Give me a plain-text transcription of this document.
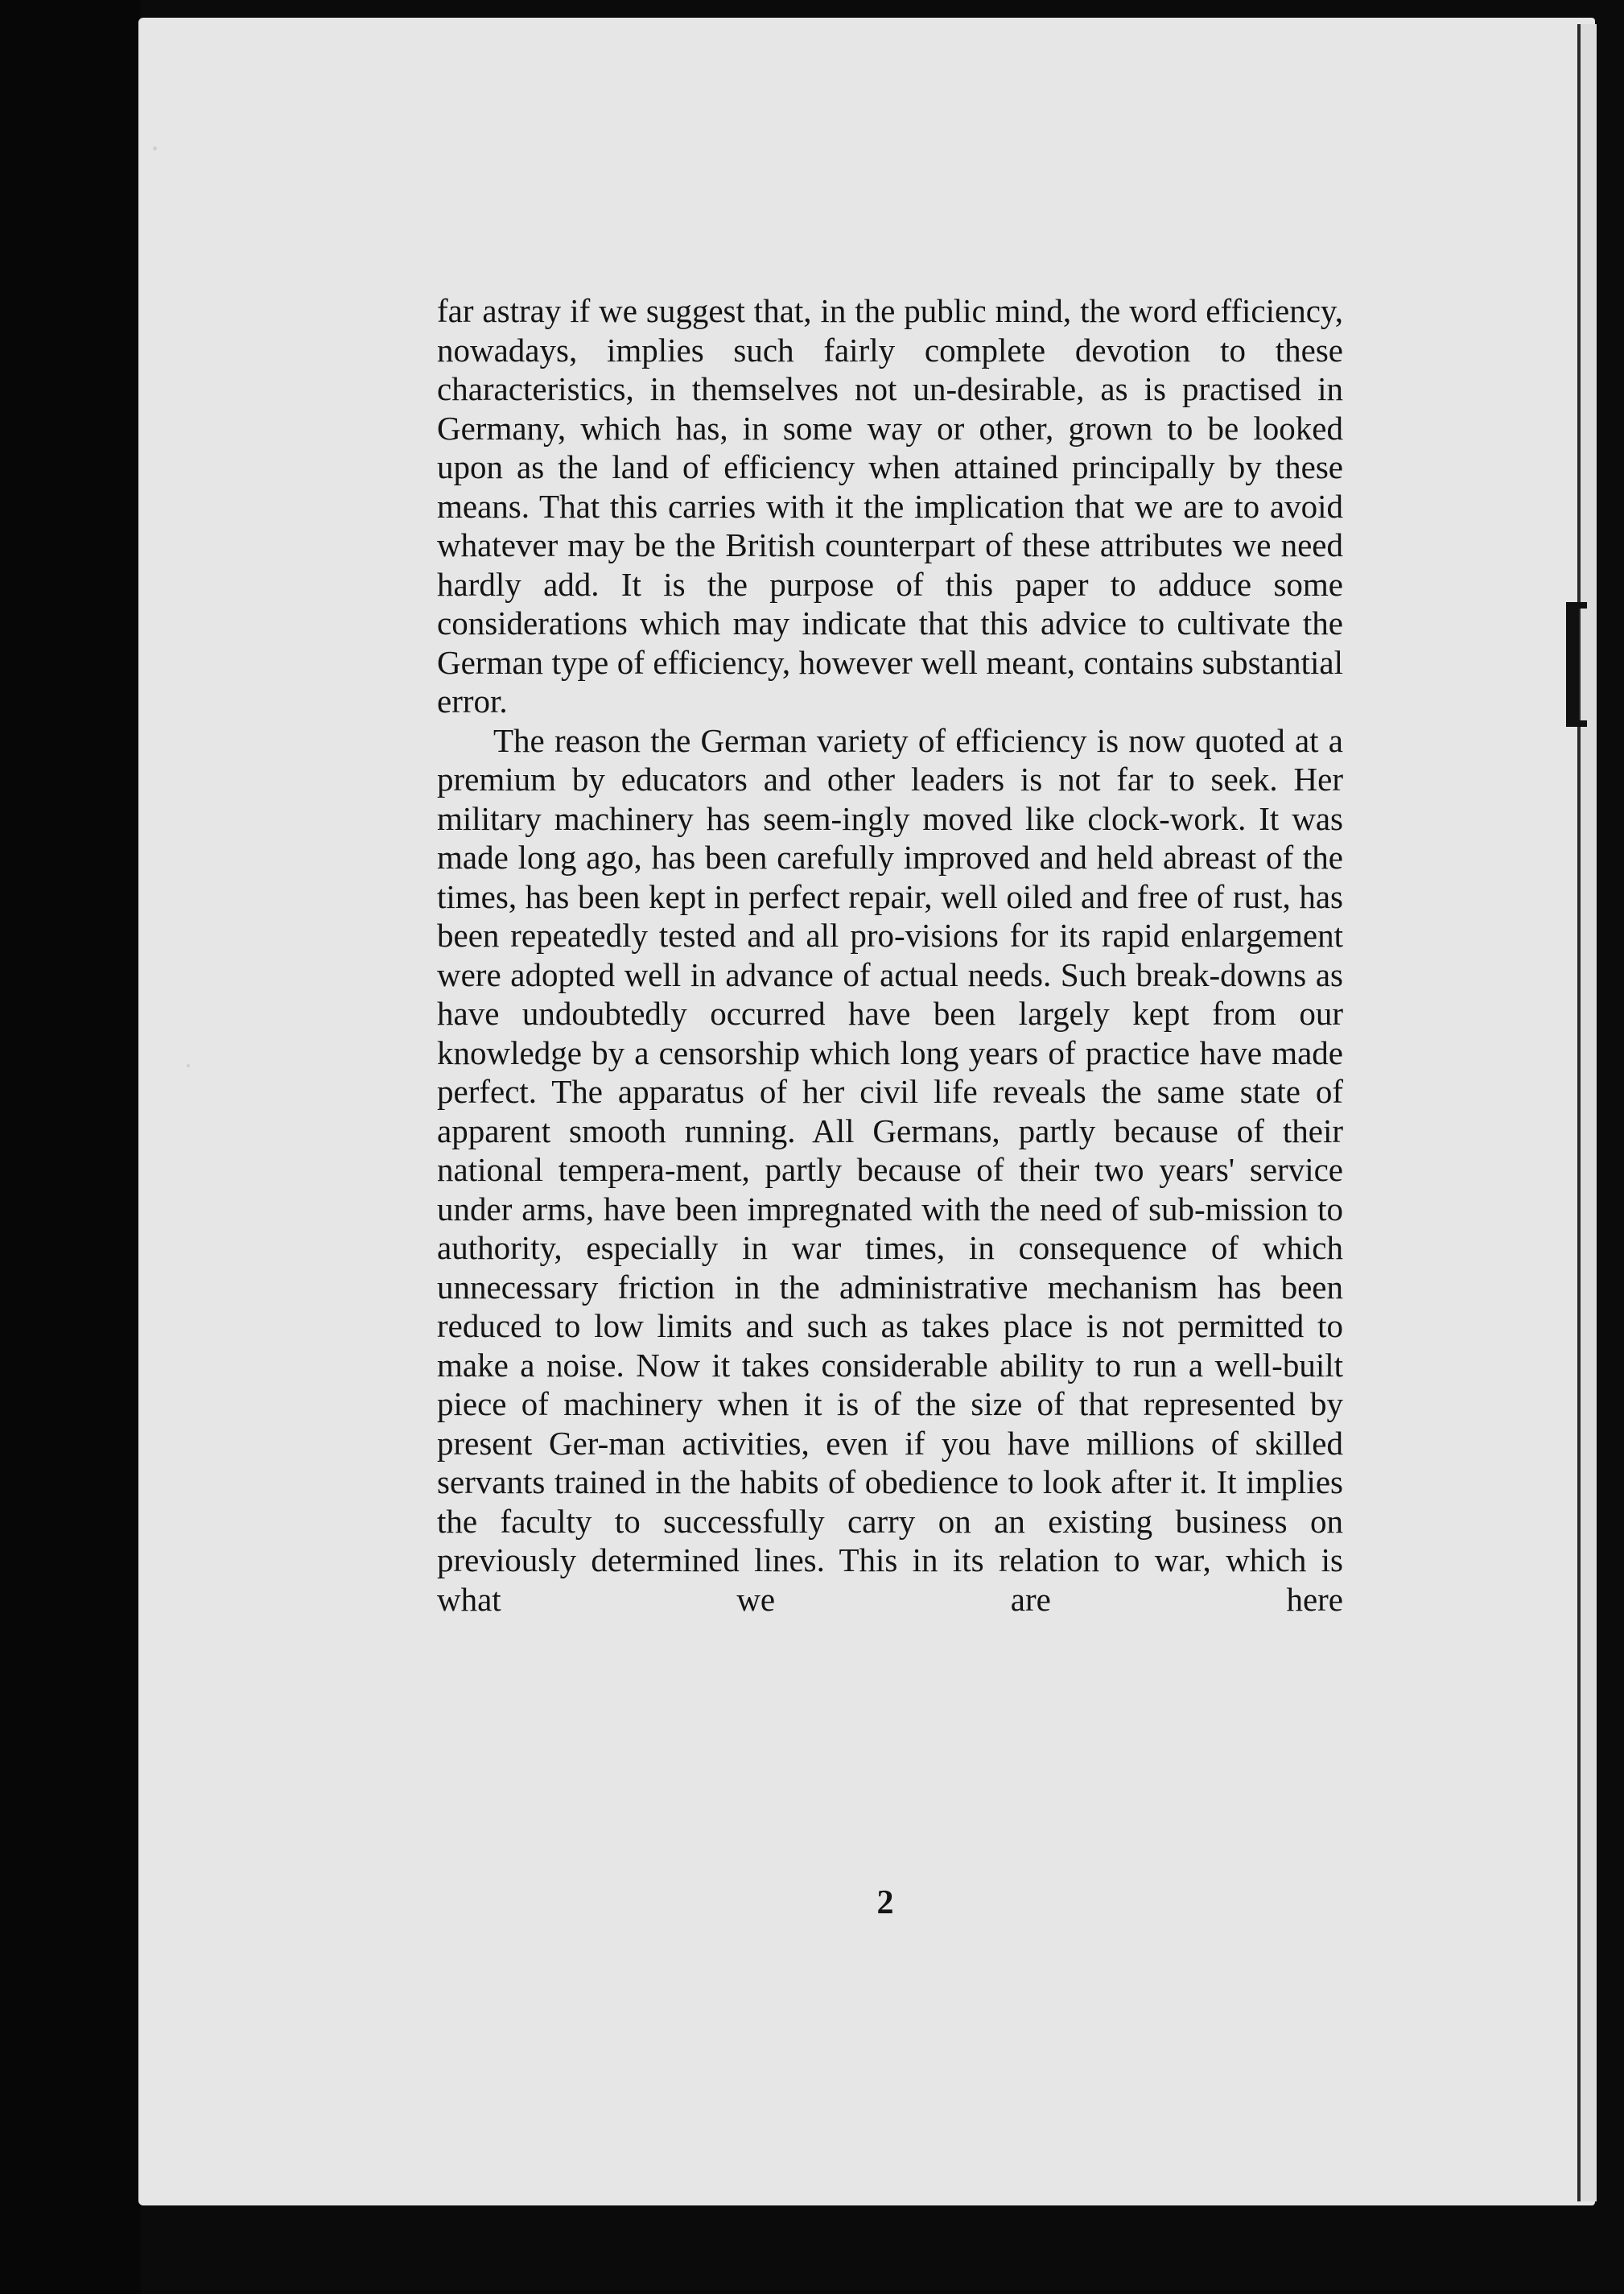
far astray if we suggest that, in the public mind, the word efficiency, nowadays, implies such fairly complete devotion to these characteristics, in themselves not un-desirable, as is practised in Germany, which has, in some way or other, grown to be looked upon as the land of efficiency when attained principally by these means. That this carries with it the implication that we are to avoid whatever may be the British counterpart of these attributes we need hardly add. It is the purpose of this paper to adduce some considerations which may indicate that this advice to cultivate the German type of efficiency, however well meant, contains substantial error.

The reason the German variety of efficiency is now quoted at a premium by educators and other leaders is not far to seek. Her military machinery has seem-ingly moved like clock-work. It was made long ago, has been carefully improved and held abreast of the times, has been kept in perfect repair, well oiled and free of rust, has been repeatedly tested and all pro-visions for its rapid enlargement were adopted well in advance of actual needs. Such break-downs as have undoubtedly occurred have been largely kept from our knowledge by a censorship which long years of practice have made perfect. The apparatus of her civil life reveals the same state of apparent smooth running. All Germans, partly because of their national tempera-ment, partly because of their two years' service under arms, have been impregnated with the need of sub-mission to authority, especially in war times, in consequence of which unnecessary friction in the administrative mechanism has been reduced to low limits and such as takes place is not permitted to make a noise. Now it takes considerable ability to run a well-built piece of machinery when it is of the size of that represented by present Ger-man activities, even if you have millions of skilled servants trained in the habits of obedience to look after it. It implies the faculty to successfully carry on an existing business on previously determined lines. This in its relation to war, which is what we are here

2
